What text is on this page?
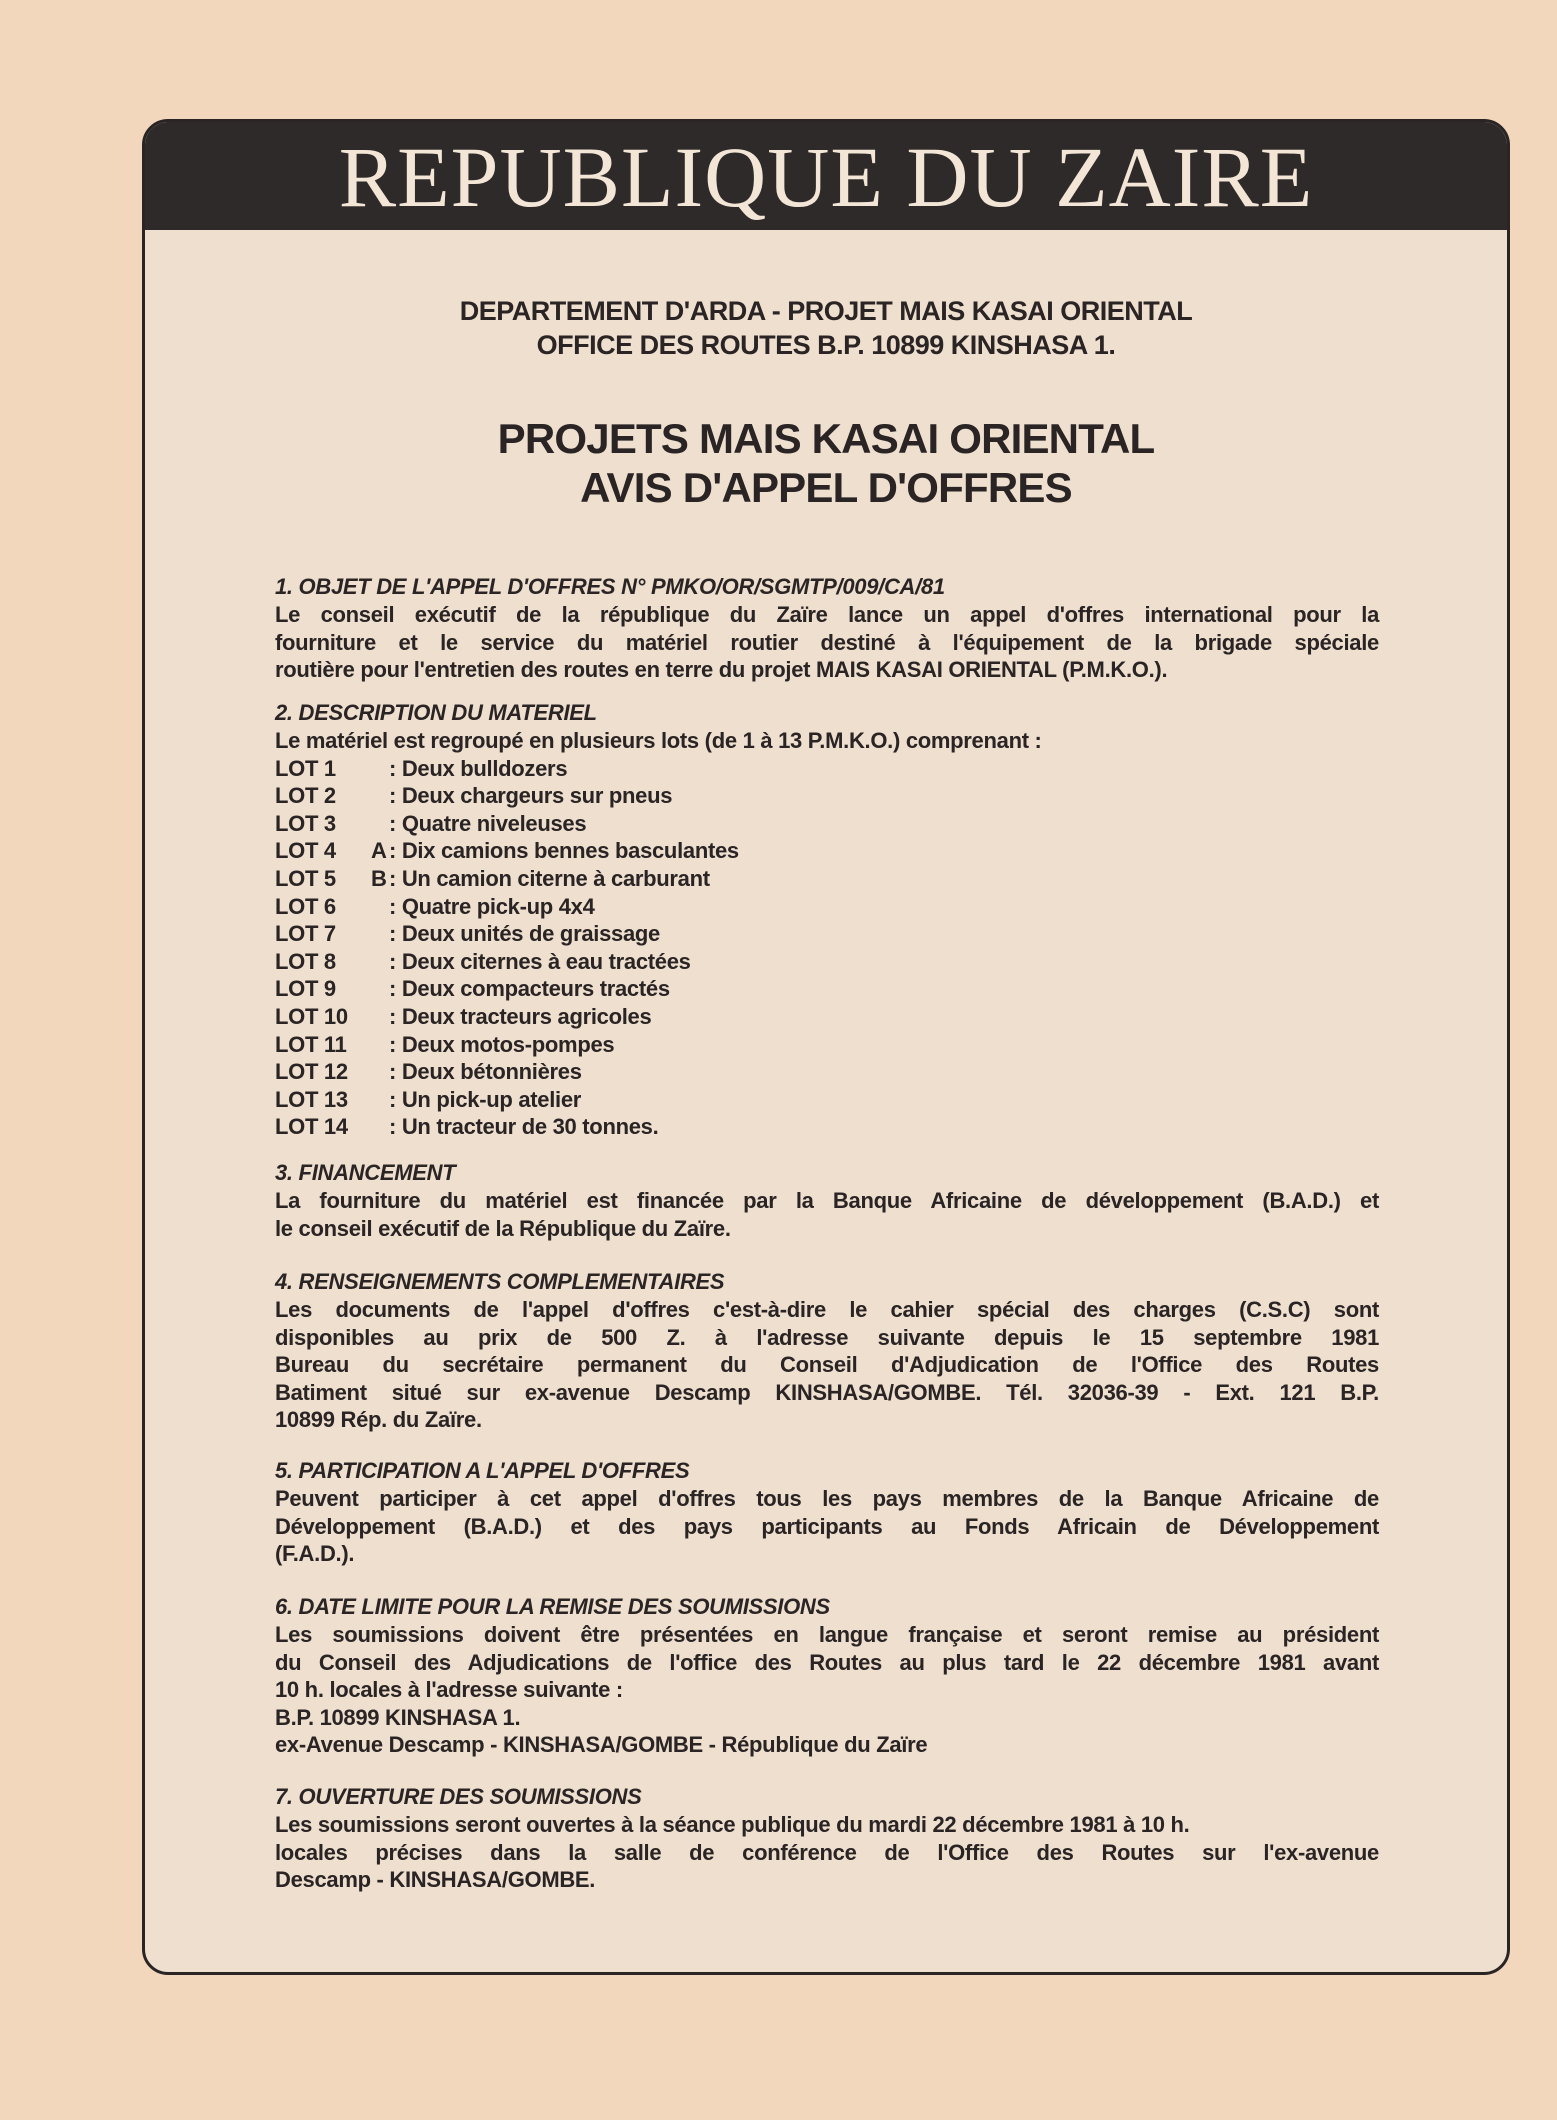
REPUBLIQUE DU ZAIRE
DEPARTEMENT D'ARDA - PROJET MAIS KASAI ORIENTAL
OFFICE DES ROUTES B.P. 10899 KINSHASA 1.
PROJETS MAIS KASAI ORIENTAL
AVIS D'APPEL D'OFFRES
1. OBJET DE L'APPEL D'OFFRES N° PMKO/OR/SGMTP/009/CA/81
Le conseil exécutif de la république du Zaïre lance un appel d'offres international pour la
fourniture et le service du matériel routier destiné à l'équipement de la brigade spéciale
routière pour l'entretien des routes en terre du projet MAIS KASAI ORIENTAL (P.M.K.O.).
2. DESCRIPTION DU MATERIEL
Le matériel est regroupé en plusieurs lots (de 1 à 13 P.M.K.O.) comprenant :
LOT 1 : Deux bulldozers
LOT 2 : Deux chargeurs sur pneus
LOT 3 : Quatre niveleuses
LOT 4 A : Dix camions bennes basculantes
LOT 5 B : Un camion citerne à carburant
LOT 6 : Quatre pick-up 4x4
LOT 7 : Deux unités de graissage
LOT 8 : Deux citernes à eau tractées
LOT 9 : Deux compacteurs tractés
LOT 10 : Deux tracteurs agricoles
LOT 11 : Deux motos-pompes
LOT 12 : Deux bétonnières
LOT 13 : Un pick-up atelier
LOT 14 : Un tracteur de 30 tonnes.
3. FINANCEMENT
La fourniture du matériel est financée par la Banque Africaine de développement (B.A.D.) et
le conseil exécutif de la République du Zaïre.
4. RENSEIGNEMENTS COMPLEMENTAIRES
Les documents de l'appel d'offres c'est-à-dire le cahier spécial des charges (C.S.C) sont
disponibles au prix de 500 Z. à l'adresse suivante depuis le 15 septembre 1981
Bureau du secrétaire permanent du Conseil d'Adjudication de l'Office des Routes
Batiment situé sur ex-avenue Descamp KINSHASA/GOMBE. Tél. 32036-39 - Ext. 121 B.P.
10899 Rép. du Zaïre.
5. PARTICIPATION A L'APPEL D'OFFRES
Peuvent participer à cet appel d'offres tous les pays membres de la Banque Africaine de
Développement (B.A.D.) et des pays participants au Fonds Africain de Développement
(F.A.D.).
6. DATE LIMITE POUR LA REMISE DES SOUMISSIONS
Les soumissions doivent être présentées en langue française et seront remise au président
du Conseil des Adjudications de l'office des Routes au plus tard le 22 décembre 1981 avant
10 h. locales à l'adresse suivante :
B.P. 10899 KINSHASA 1.
ex-Avenue Descamp - KINSHASA/GOMBE - République du Zaïre
7. OUVERTURE DES SOUMISSIONS
Les soumissions seront ouvertes à la séance publique du mardi 22 décembre 1981 à 10 h.
locales précises dans la salle de conférence de l'Office des Routes sur l'ex-avenue
Descamp - KINSHASA/GOMBE.
